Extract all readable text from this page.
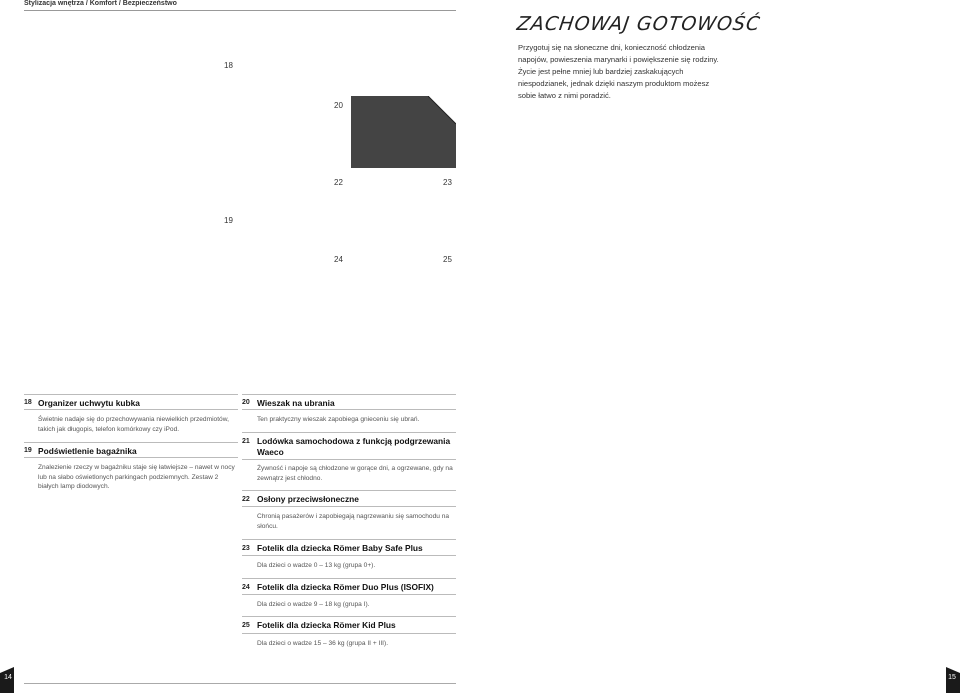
Stylizacja wnętrza / Komfort / Bezpieczeństwo
ZACHOWAJ GOTOWOŚĆ
Przygotuj się na słoneczne dni, konieczność chłodzenia napojów, powieszenia marynarki i powiększenie się rodziny. Życie jest pełne mniej lub bardziej zaskakujących niespodzianek, jednak dzięki naszym produktom możesz sobie łatwo z nimi poradzić.
18
20
22	23
19
24	25
18 Organizer uchwytu kubka
Świetnie nadaje się do przechowywania niewielkich przedmiotów, takich jak długopis, telefon komórkowy czy iPod.
19 Podświetlenie bagażnika
Znalezienie rzeczy w bagażniku staje się łatwiejsze – nawet w nocy lub na słabo oświetlonych parkingach podziemnych. Zestaw 2 białych lamp diodowych.
20 Wieszak na ubrania
Ten praktyczny wieszak zapobiega gnieceniu się ubrań.
21 Lodówka samochodowa z funkcją podgrzewania Waeco
Żywność i napoje są chłodzone w gorące dni, a ogrzewane, gdy na zewnątrz jest chłodno.
22 Osłony przeciwsłoneczne
Chronią pasażerów i zapobiegają nagrzewaniu się samochodu na słońcu.
23 Fotelik dla dziecka Römer Baby Safe Plus
Dla dzieci o wadze 0 – 13 kg (grupa 0+).
24 Fotelik dla dziecka Römer Duo Plus (ISOFIX)
Dla dzieci o wadze 9 – 18 kg (grupa I).
25 Fotelik dla dziecka Römer Kid Plus
Dla dzieci o wadze 15 – 36 kg (grupa II + III).
14	15
